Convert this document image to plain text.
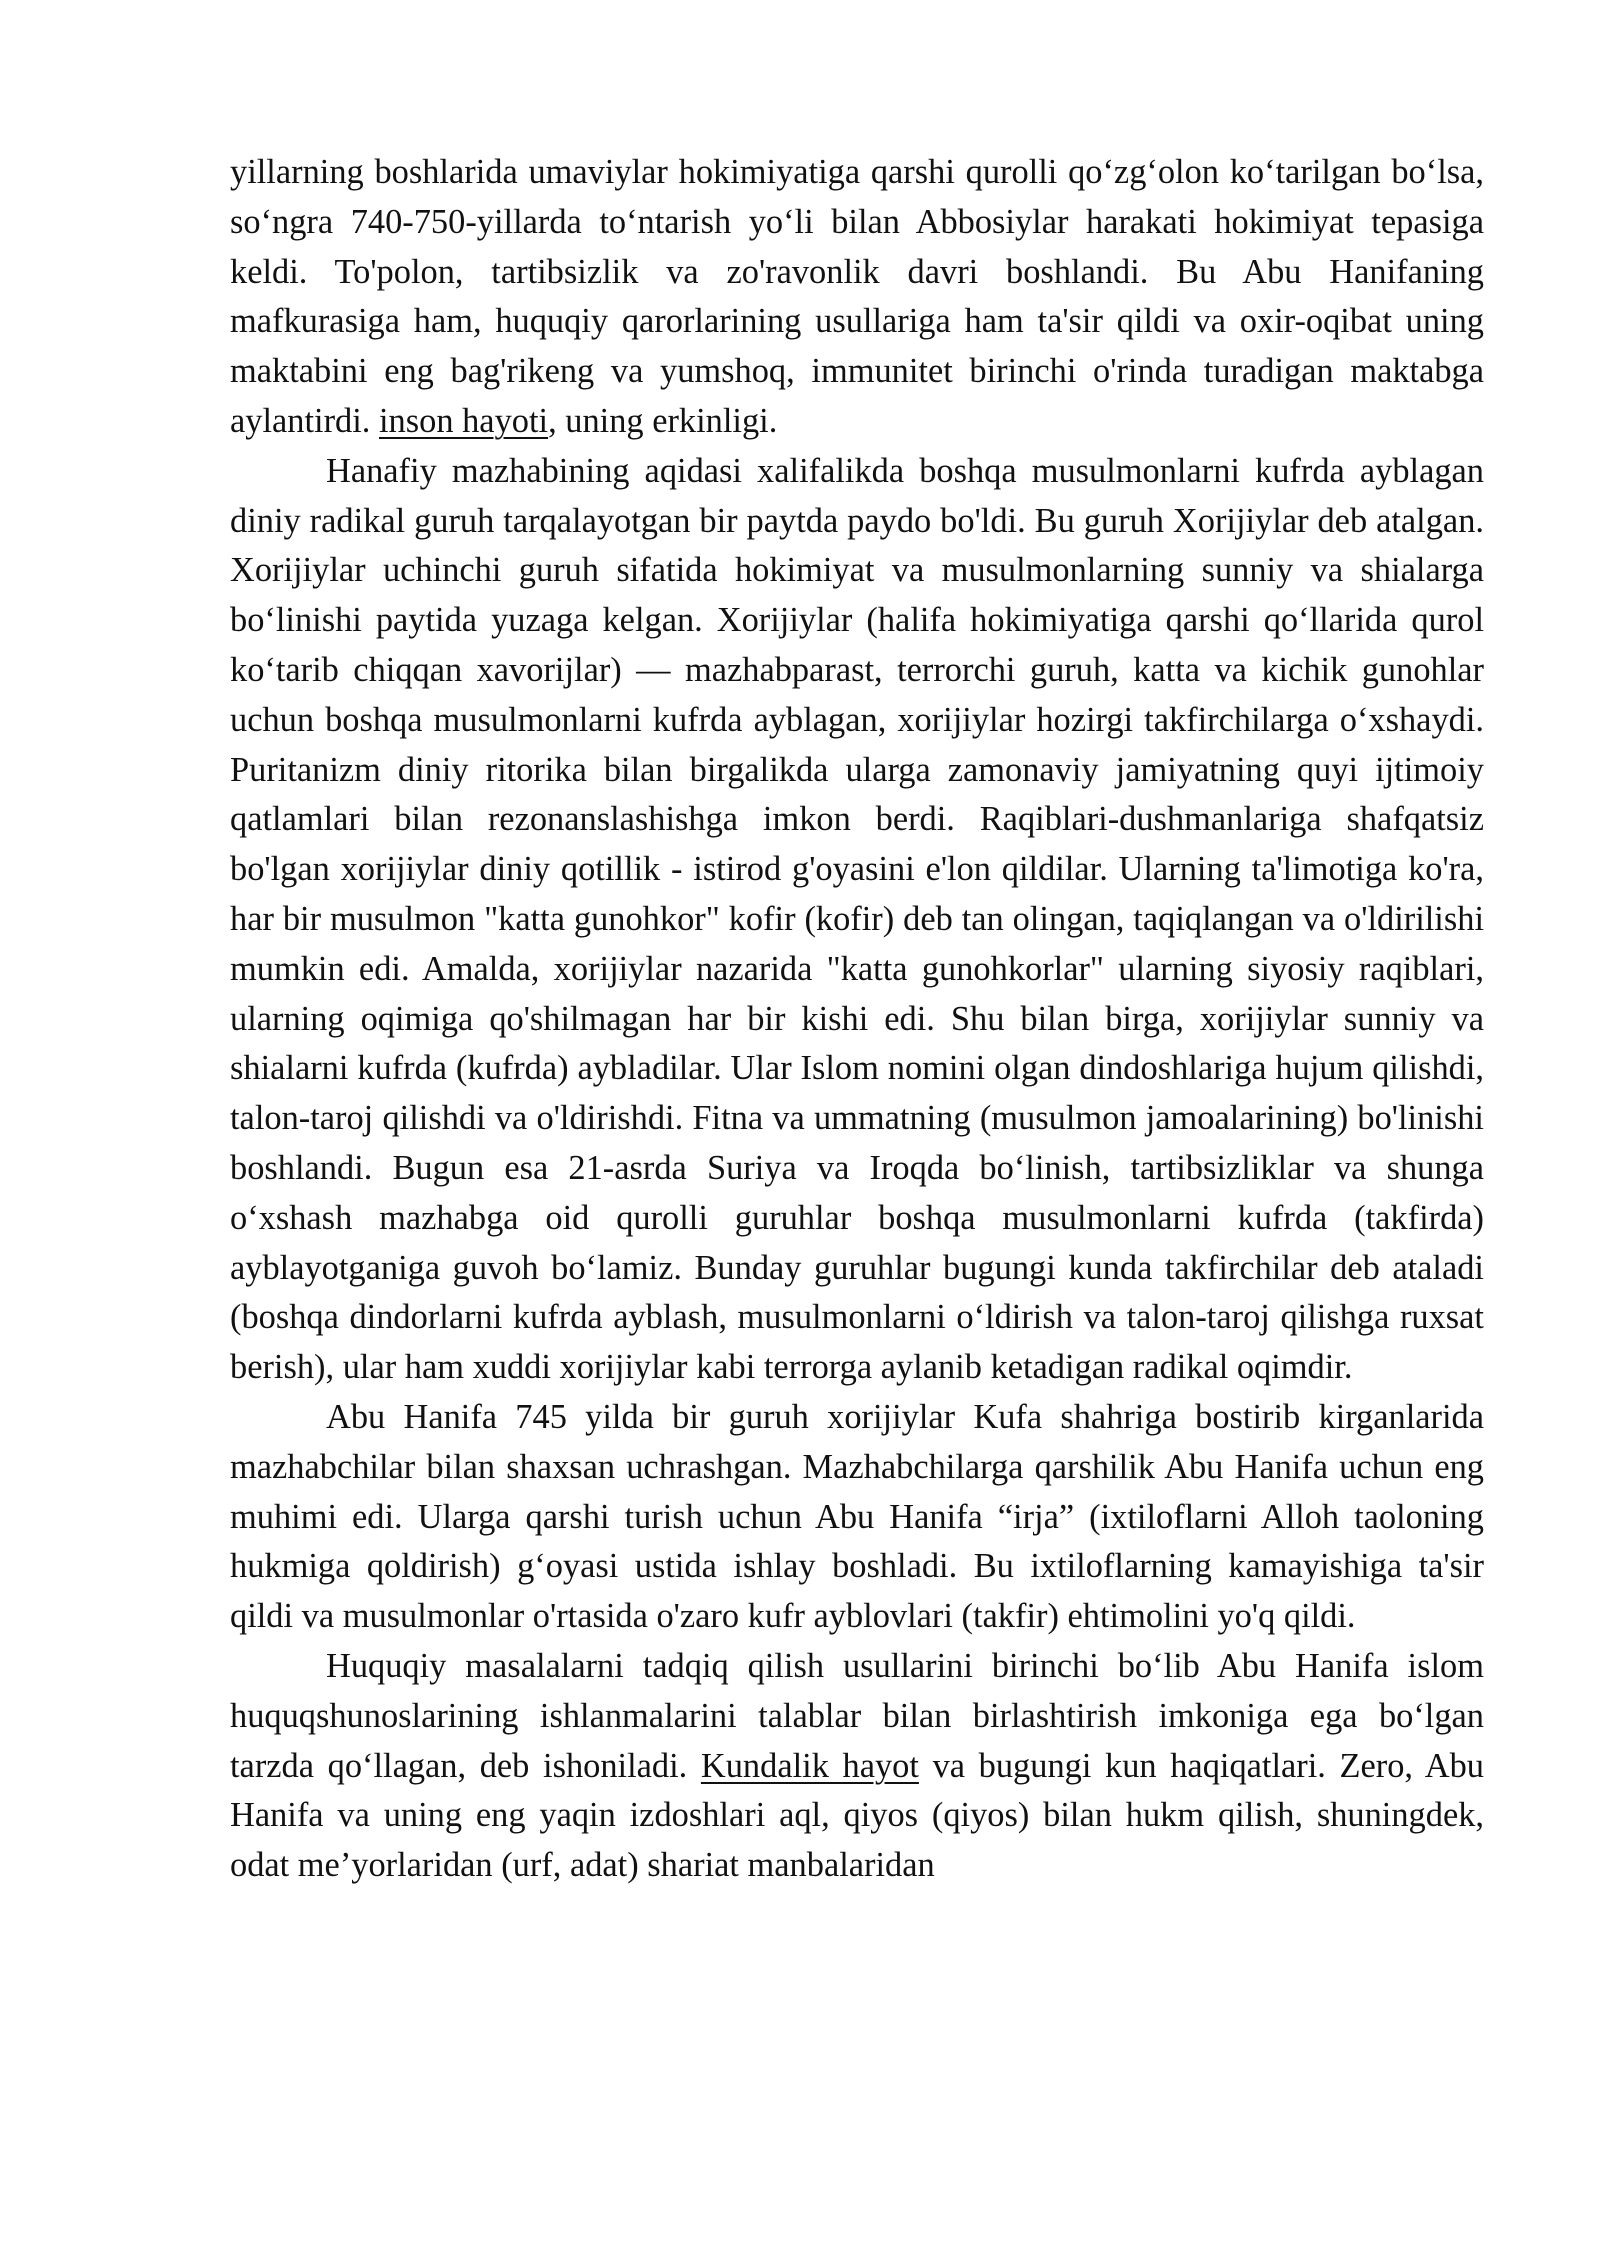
yillarning boshlarida umaviylar hokimiyatiga qarshi qurolli qo‘zg‘olon ko‘tarilgan bo‘lsa, so‘ngra 740-750-yillarda to‘ntarish yo‘li bilan Abbosiylar harakati hokimiyat tepasiga keldi. To'polon, tartibsizlik va zo'ravonlik davri boshlandi. Bu Abu Hanifaning mafkurasiga ham, huquqiy qarorlarining usullariga ham ta'sir qildi va oxir-oqibat uning maktabini eng bag'rikeng va yumshoq, immunitet birinchi o'rinda turadigan maktabga aylantirdi. inson hayoti, uning erkinligi.

Hanafiy mazhabining aqidasi xalifalikda boshqa musulmonlarni kufrda ayblagan diniy radikal guruh tarqalayotgan bir paytda paydo bo'ldi. Bu guruh Xorijiylar deb atalgan. Xorijiylar uchinchi guruh sifatida hokimiyat va musulmonlarning sunniy va shialarga bo‘linishi paytida yuzaga kelgan. Xorijiylar (halifa hokimiyatiga qarshi qo‘llarida qurol ko‘tarib chiqqan xavorijlar) — mazhabparast, terrorchi guruh, katta va kichik gunohlar uchun boshqa musulmonlarni kufrda ayblagan, xorijiylar hozirgi takfirchilarga o‘xshaydi. Puritanizm diniy ritorika bilan birgalikda ularga zamonaviy jamiyatning quyi ijtimoiy qatlamlari bilan rezonanslashishga imkon berdi. Raqiblari-dushmanlariga shafqatsiz bo'lgan xorijiylar diniy qotillik - istirod g'oyasini e'lon qildilar. Ularning ta'limotiga ko'ra, har bir musulmon "katta gunohkor" kofir (kofir) deb tan olingan, taqiqlangan va o'ldirilishi mumkin edi. Amalda, xorijiylar nazarida "katta gunohkorlar" ularning siyosiy raqiblari, ularning oqimiga qo'shilmagan har bir kishi edi. Shu bilan birga, xorijiylar sunniy va shialarni kufrda (kufrda) aybladilar. Ular Islom nomini olgan dindoshlariga hujum qilishdi, talon-taroj qilishdi va o'ldirishdi. Fitna va ummatning (musulmon jamoalarining) bo'linishi boshlandi. Bugun esa 21-asrda Suriya va Iroqda bo‘linish, tartibsizliklar va shunga o‘xshash mazhabga oid qurolli guruhlar boshqa musulmonlarni kufrda (takfirda) ayblayotganiga guvoh bo‘lamiz. Bunday guruhlar bugungi kunda takfirchilar deb ataladi (boshqa dindorlarni kufrda ayblash, musulmonlarni o‘ldirish va talon-taroj qilishga ruxsat berish), ular ham xuddi xorijiylar kabi terrorga aylanib ketadigan radikal oqimdir.

Abu Hanifa 745 yilda bir guruh xorijiylar Kufa shahriga bostirib kirganlarida mazhabchilar bilan shaxsan uchrashgan. Mazhabchilarga qarshilik Abu Hanifa uchun eng muhimi edi. Ularga qarshi turish uchun Abu Hanifa “irja” (ixtiloflarni Alloh taoloning hukmiga qoldirish) g‘oyasi ustida ishlay boshladi. Bu ixtiloflarning kamayishiga ta'sir qildi va musulmonlar o'rtasida o'zaro kufr ayblovlari (takfir) ehtimolini yo'q qildi.

Huquqiy masalalarni tadqiq qilish usullarini birinchi bo‘lib Abu Hanifa islom huquqshunoslarining ishlanmalarini talablar bilan birlashtirish imkoniga ega bo‘lgan tarzda qo‘llagan, deb ishoniladi. Kundalik hayot va bugungi kun haqiqatlari. Zero, Abu Hanifa va uning eng yaqin izdoshlari aql, qiyos (qiyos) bilan hukm qilish, shuningdek, odat me’yorlaridan (urf, adat) shariat manbalaridan
